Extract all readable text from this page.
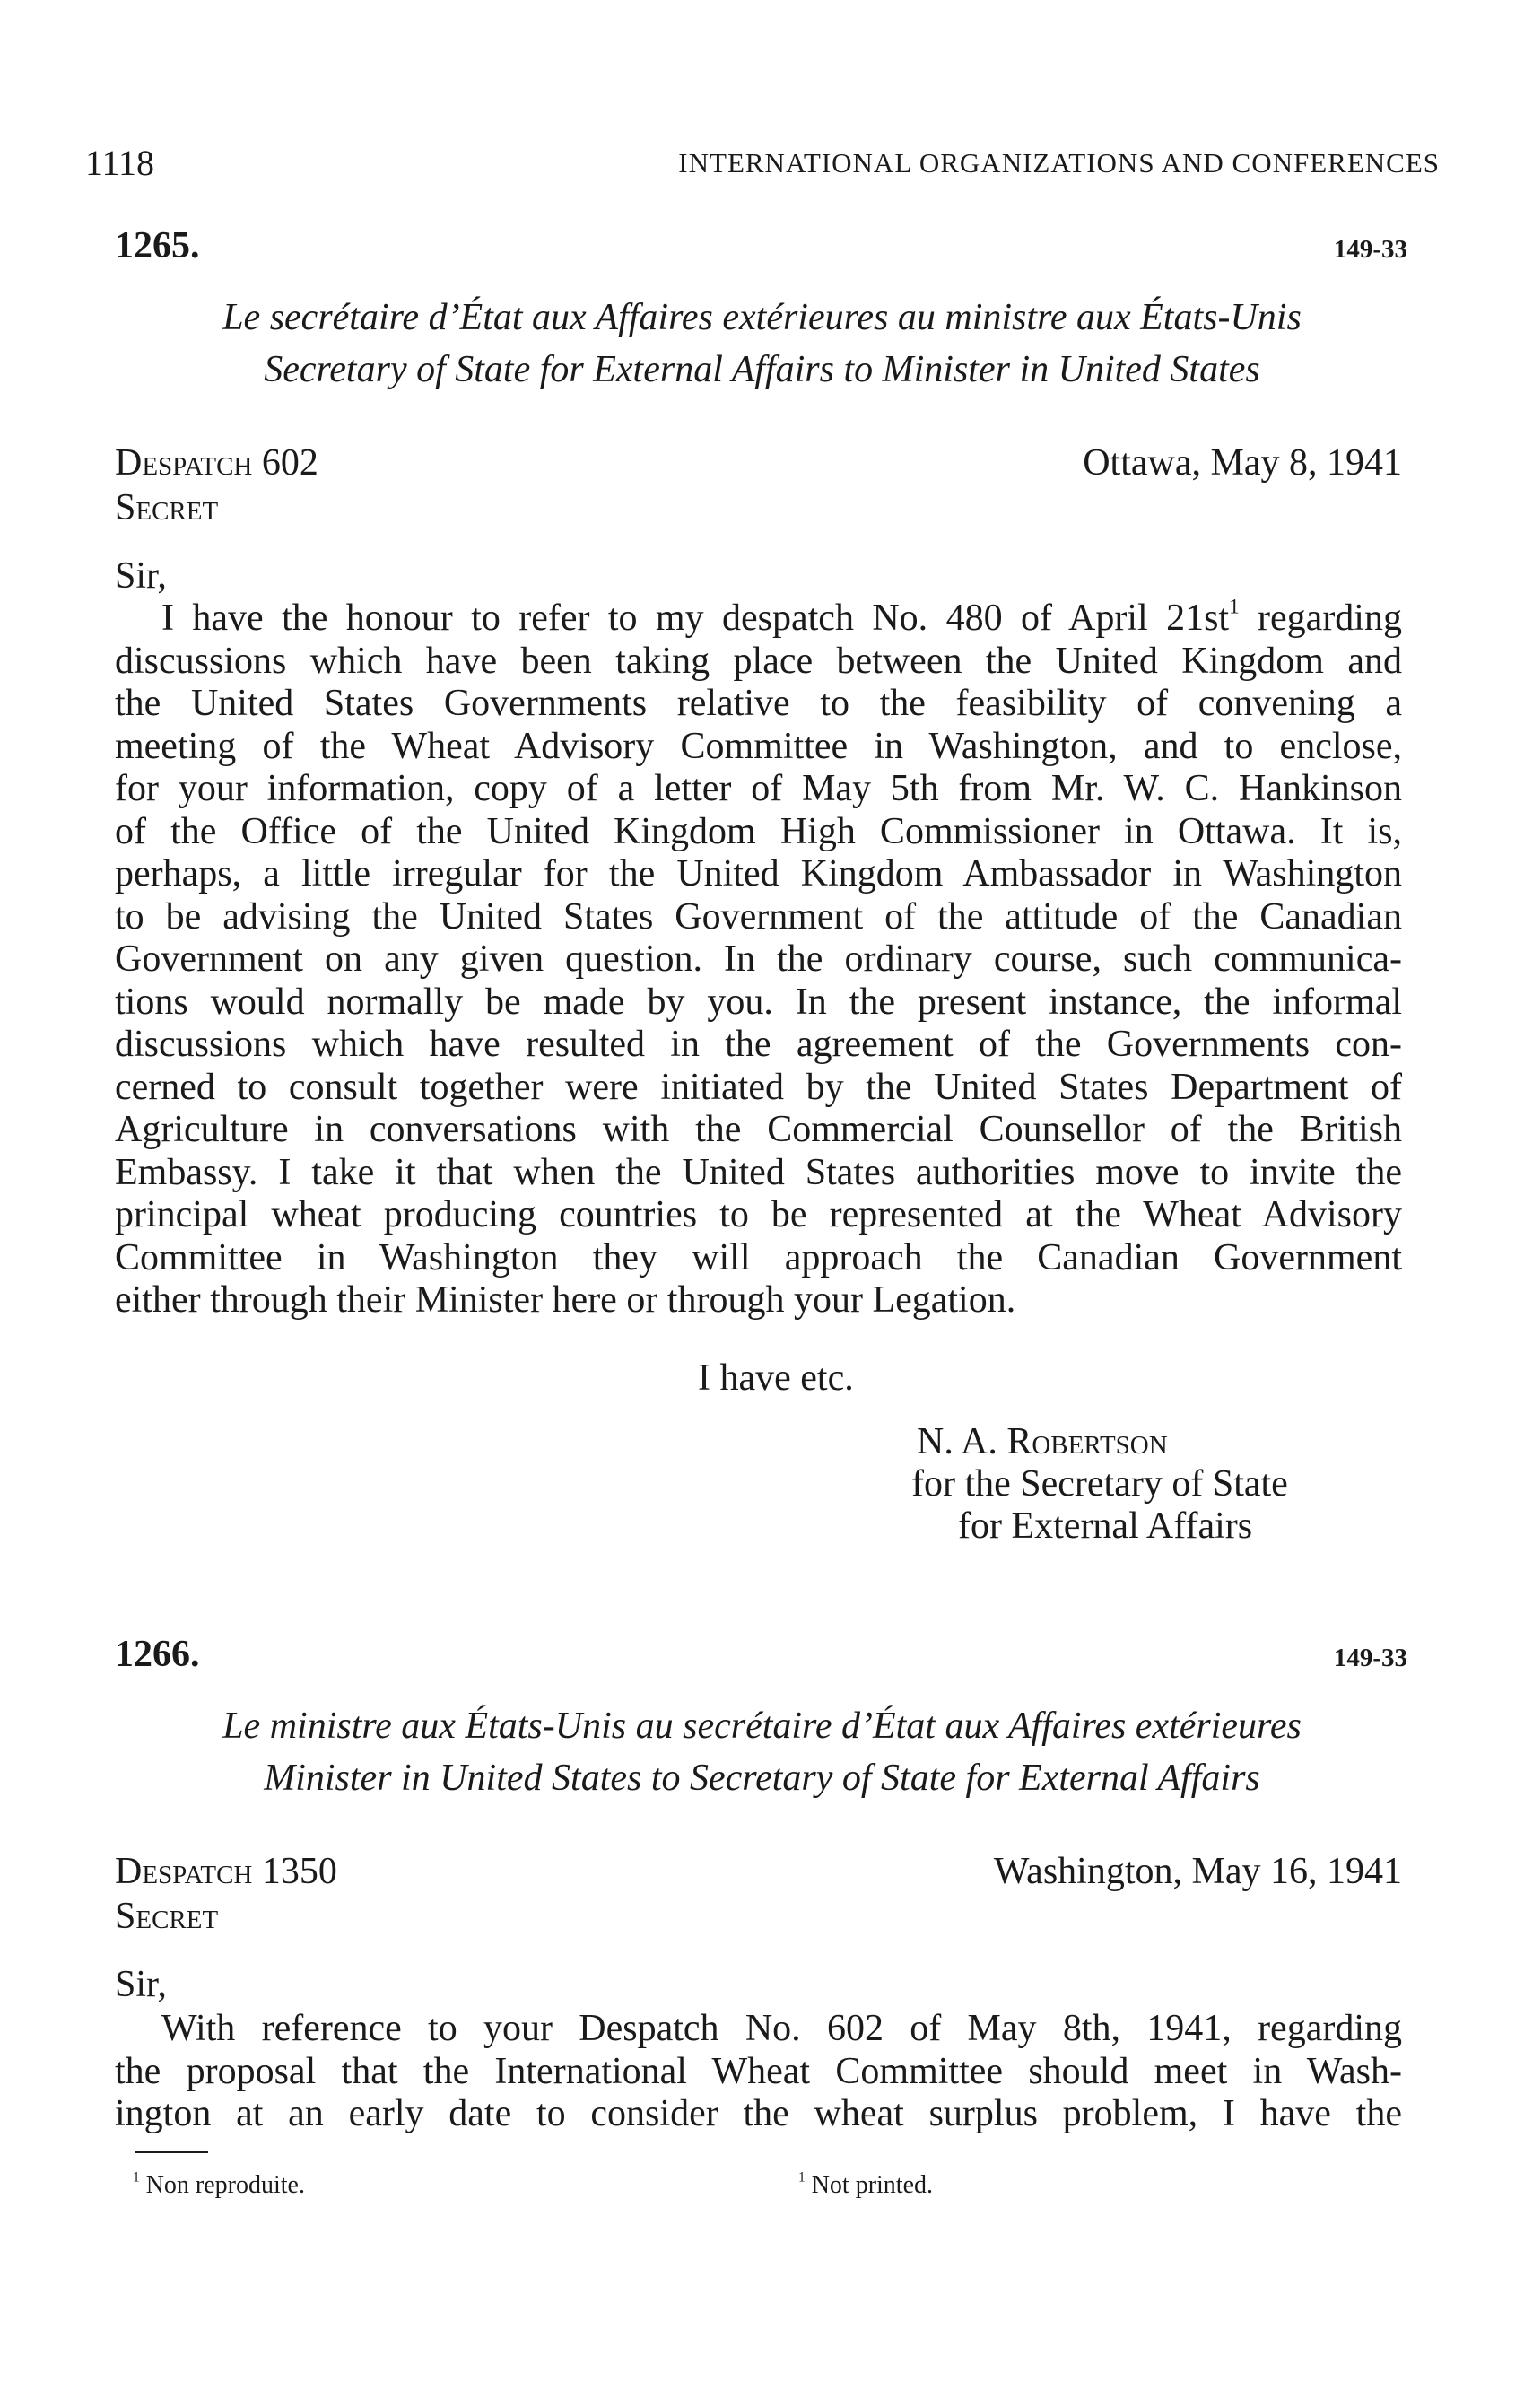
1118	INTERNATIONAL ORGANIZATIONS AND CONFERENCES
1265.	149-33
Le secrétaire d’État aux Affaires extérieures au ministre aux États-Unis
Secretary of State for External Affairs to Minister in United States
Despatch 602	Ottawa, May 8, 1941
Secret
Sir,
I have the honour to refer to my despatch No. 480 of April $21st^1$ regarding
discussions which have been taking place between the United Kingdom and
the United States Governments relative to the feasibility of convening a
meeting of the Wheat Advisory Committee in Washington, and to enclose,
for your information, copy of a letter of May 5th from Mr. W. C. Hankinson
of the Office of the United Kingdom High Commissioner in Ottawa. It is,
perhaps, a little irregular for the United Kingdom Ambassador in Washington
to be advising the United States Government of the attitude of the Canadian
Government on any given question. In the ordinary course, such communica-
tions would normally be made by you. In the present instance, the informal
discussions which have resulted in the agreement of the Governments con-
cerned to consult together were initiated by the United States Department of
Agriculture in conversations with the Commercial Counsellor of the British
Embassy. I take it that when the United States authorities move to invite the
principal wheat producing countries to be represented at the Wheat Advisory
Committee in Washington they will approach the Canadian Government
either through their Minister here or through your Legation.
I have etc.
N. A. Robertson
for the Secretary of State
for External Affairs
1266.	149-33
Le ministre aux États-Unis au secrétaire d’État aux Affaires extérieures
Minister in United States to Secretary of State for External Affairs
Despatch 1350	Washington, May 16, 1941
Secret
Sir,
With reference to your Despatch No. 602 of May 8th, 1941, regarding
the proposal that the International Wheat Committee should meet in Wash-
ington at an early date to consider the wheat surplus problem, I have the
$^1$ Non reproduite.	$^1$ Not printed.
